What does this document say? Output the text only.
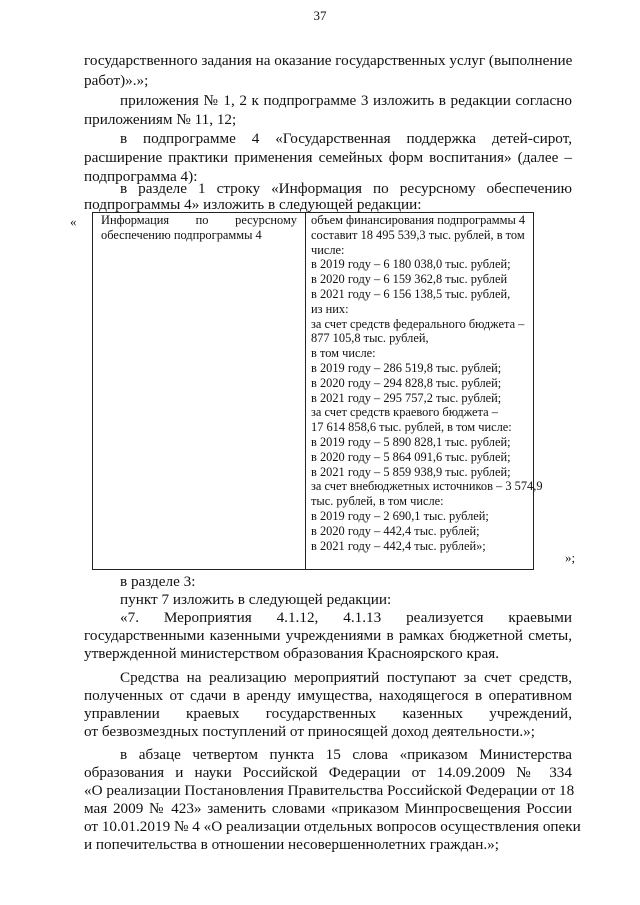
37
государственного задания на оказание государственных услуг (выполнение
работ)».»;
приложения № 1, 2 к подпрограмме 3 изложить в редакции согласно
приложениям № 11, 12;
в подпрограмме 4 «Государственная поддержка детей-сирот,
расширение практики применения семейных форм воспитания» (далее –
подпрограмма 4):
в разделе 1 строку «Информация по ресурсному обеспечению
подпрограммы 4» изложить в следующей редакции:
« Информация по ресурсному
обеспечению подпрограммы 4
объем финансирования подпрограммы 4
составит 18 495 539,3 тыс. рублей, в том
числе:
в 2019 году – 6 180 038,0 тыс. рублей;
в 2020 году – 6 159 362,8 тыс. рублей
в 2021 году – 6 156 138,5 тыс. рублей,
из них:
за счет средств федерального бюджета –
877 105,8 тыс. рублей,
в том числе:
в 2019 году – 286 519,8 тыс. рублей;
в 2020 году – 294 828,8 тыс. рублей;
в 2021 году – 295 757,2 тыс. рублей;
за счет средств краевого бюджета –
17 614 858,6 тыс. рублей, в том числе:
в 2019 году – 5 890 828,1 тыс. рублей;
в 2020 году – 5 864 091,6 тыс. рублей;
в 2021 году – 5 859 938,9 тыс. рублей;
за счет внебюджетных источников – 3 574,9
тыс. рублей, в том числе:
в 2019 году – 2 690,1 тыс. рублей;
в 2020 году – 442,4 тыс. рублей;
в 2021 году – 442,4 тыс. рублей»;
»;
в разделе 3:
пункт 7 изложить в следующей редакции:
«7. Мероприятия 4.1.12, 4.1.13 реализуется краевыми
государственными казенными учреждениями в рамках бюджетной сметы,
утвержденной министерством образования Красноярского края.
Средства на реализацию мероприятий поступают за счет средств,
полученных от сдачи в аренду имущества, находящегося в оперативном
управлении краевых государственных казенных учреждений,
от безвозмездных поступлений от приносящей доход деятельности.»;
в абзаце четвертом пункта 15 слова «приказом Министерства
образования и науки Российской Федерации от 14.09.2009 № 334
«О реализации Постановления Правительства Российской Федерации от 18
мая 2009 № 423» заменить словами «приказом Минпросвещения России
от 10.01.2019 № 4 «О реализации отдельных вопросов осуществления опеки
и попечительства в отношении несовершеннолетних граждан.»;
